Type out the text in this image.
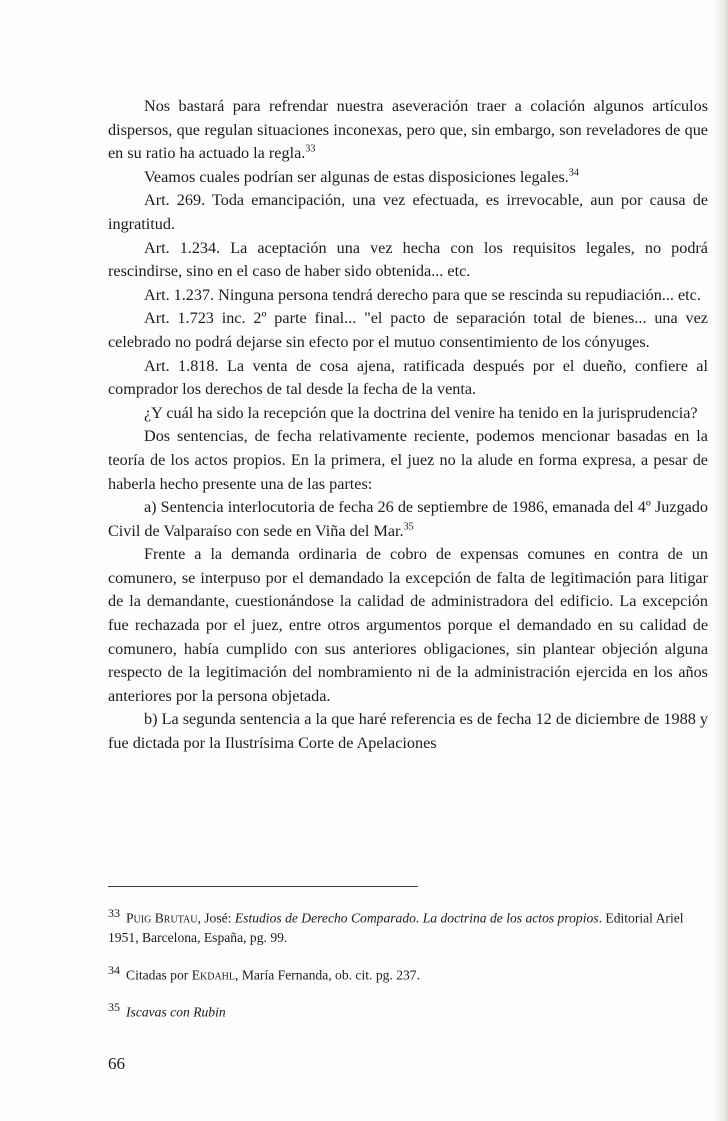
Nos bastará para refrendar nuestra aseveración traer a colación algunos artículos dispersos, que regulan situaciones inconexas, pero que, sin embargo, son reveladores de que en su ratio ha actuado la regla.$^{33}$

Veamos cuales podrían ser algunas de estas disposiciones legales.$^{34}$

Art. 269. Toda emancipación, una vez efectuada, es irrevocable, aun por causa de ingratitud.

Art. 1.234. La aceptación una vez hecha con los requisitos legales, no podrá rescindirse, sino en el caso de haber sido obtenida... etc.

Art. 1.237. Ninguna persona tendrá derecho para que se rescinda su repudiación... etc.

Art. 1.723 inc. 2º parte final... "el pacto de separación total de bienes... una vez celebrado no podrá dejarse sin efecto por el mutuo consentimiento de los cónyuges.

Art. 1.818. La venta de cosa ajena, ratificada después por el dueño, confiere al comprador los derechos de tal desde la fecha de la venta.

¿Y cuál ha sido la recepción que la doctrina del venire ha tenido en la jurisprudencia?

Dos sentencias, de fecha relativamente reciente, podemos mencionar basadas en la teoría de los actos propios. En la primera, el juez no la alude en forma expresa, a pesar de haberla hecho presente una de las partes:

a) Sentencia interlocutoria de fecha 26 de septiembre de 1986, emanada del 4º Juzgado Civil de Valparaíso con sede en Viña del Mar.$^{35}$

Frente a la demanda ordinaria de cobro de expensas comunes en contra de un comunero, se interpuso por el demandado la excepción de falta de legitimación para litigar de la demandante, cuestionándose la calidad de administradora del edificio. La excepción fue rechazada por el juez, entre otros argumentos porque el demandado en su calidad de comunero, había cumplido con sus anteriores obligaciones, sin plantear objeción alguna respecto de la legitimación del nombramiento ni de la administración ejercida en los años anteriores por la persona objetada.

b) La segunda sentencia a la que haré referencia es de fecha 12 de diciembre de 1988 y fue dictada por la Ilustrísima Corte de Apelaciones

33 Puig Brutau, José: Estudios de Derecho Comparado. La doctrina de los actos propios. Editorial Ariel 1951, Barcelona, España, pg. 99.

34 Citadas por Ekdahl, María Fernanda, ob. cit. pg. 237.

35 Iscavas con Rubin

66
